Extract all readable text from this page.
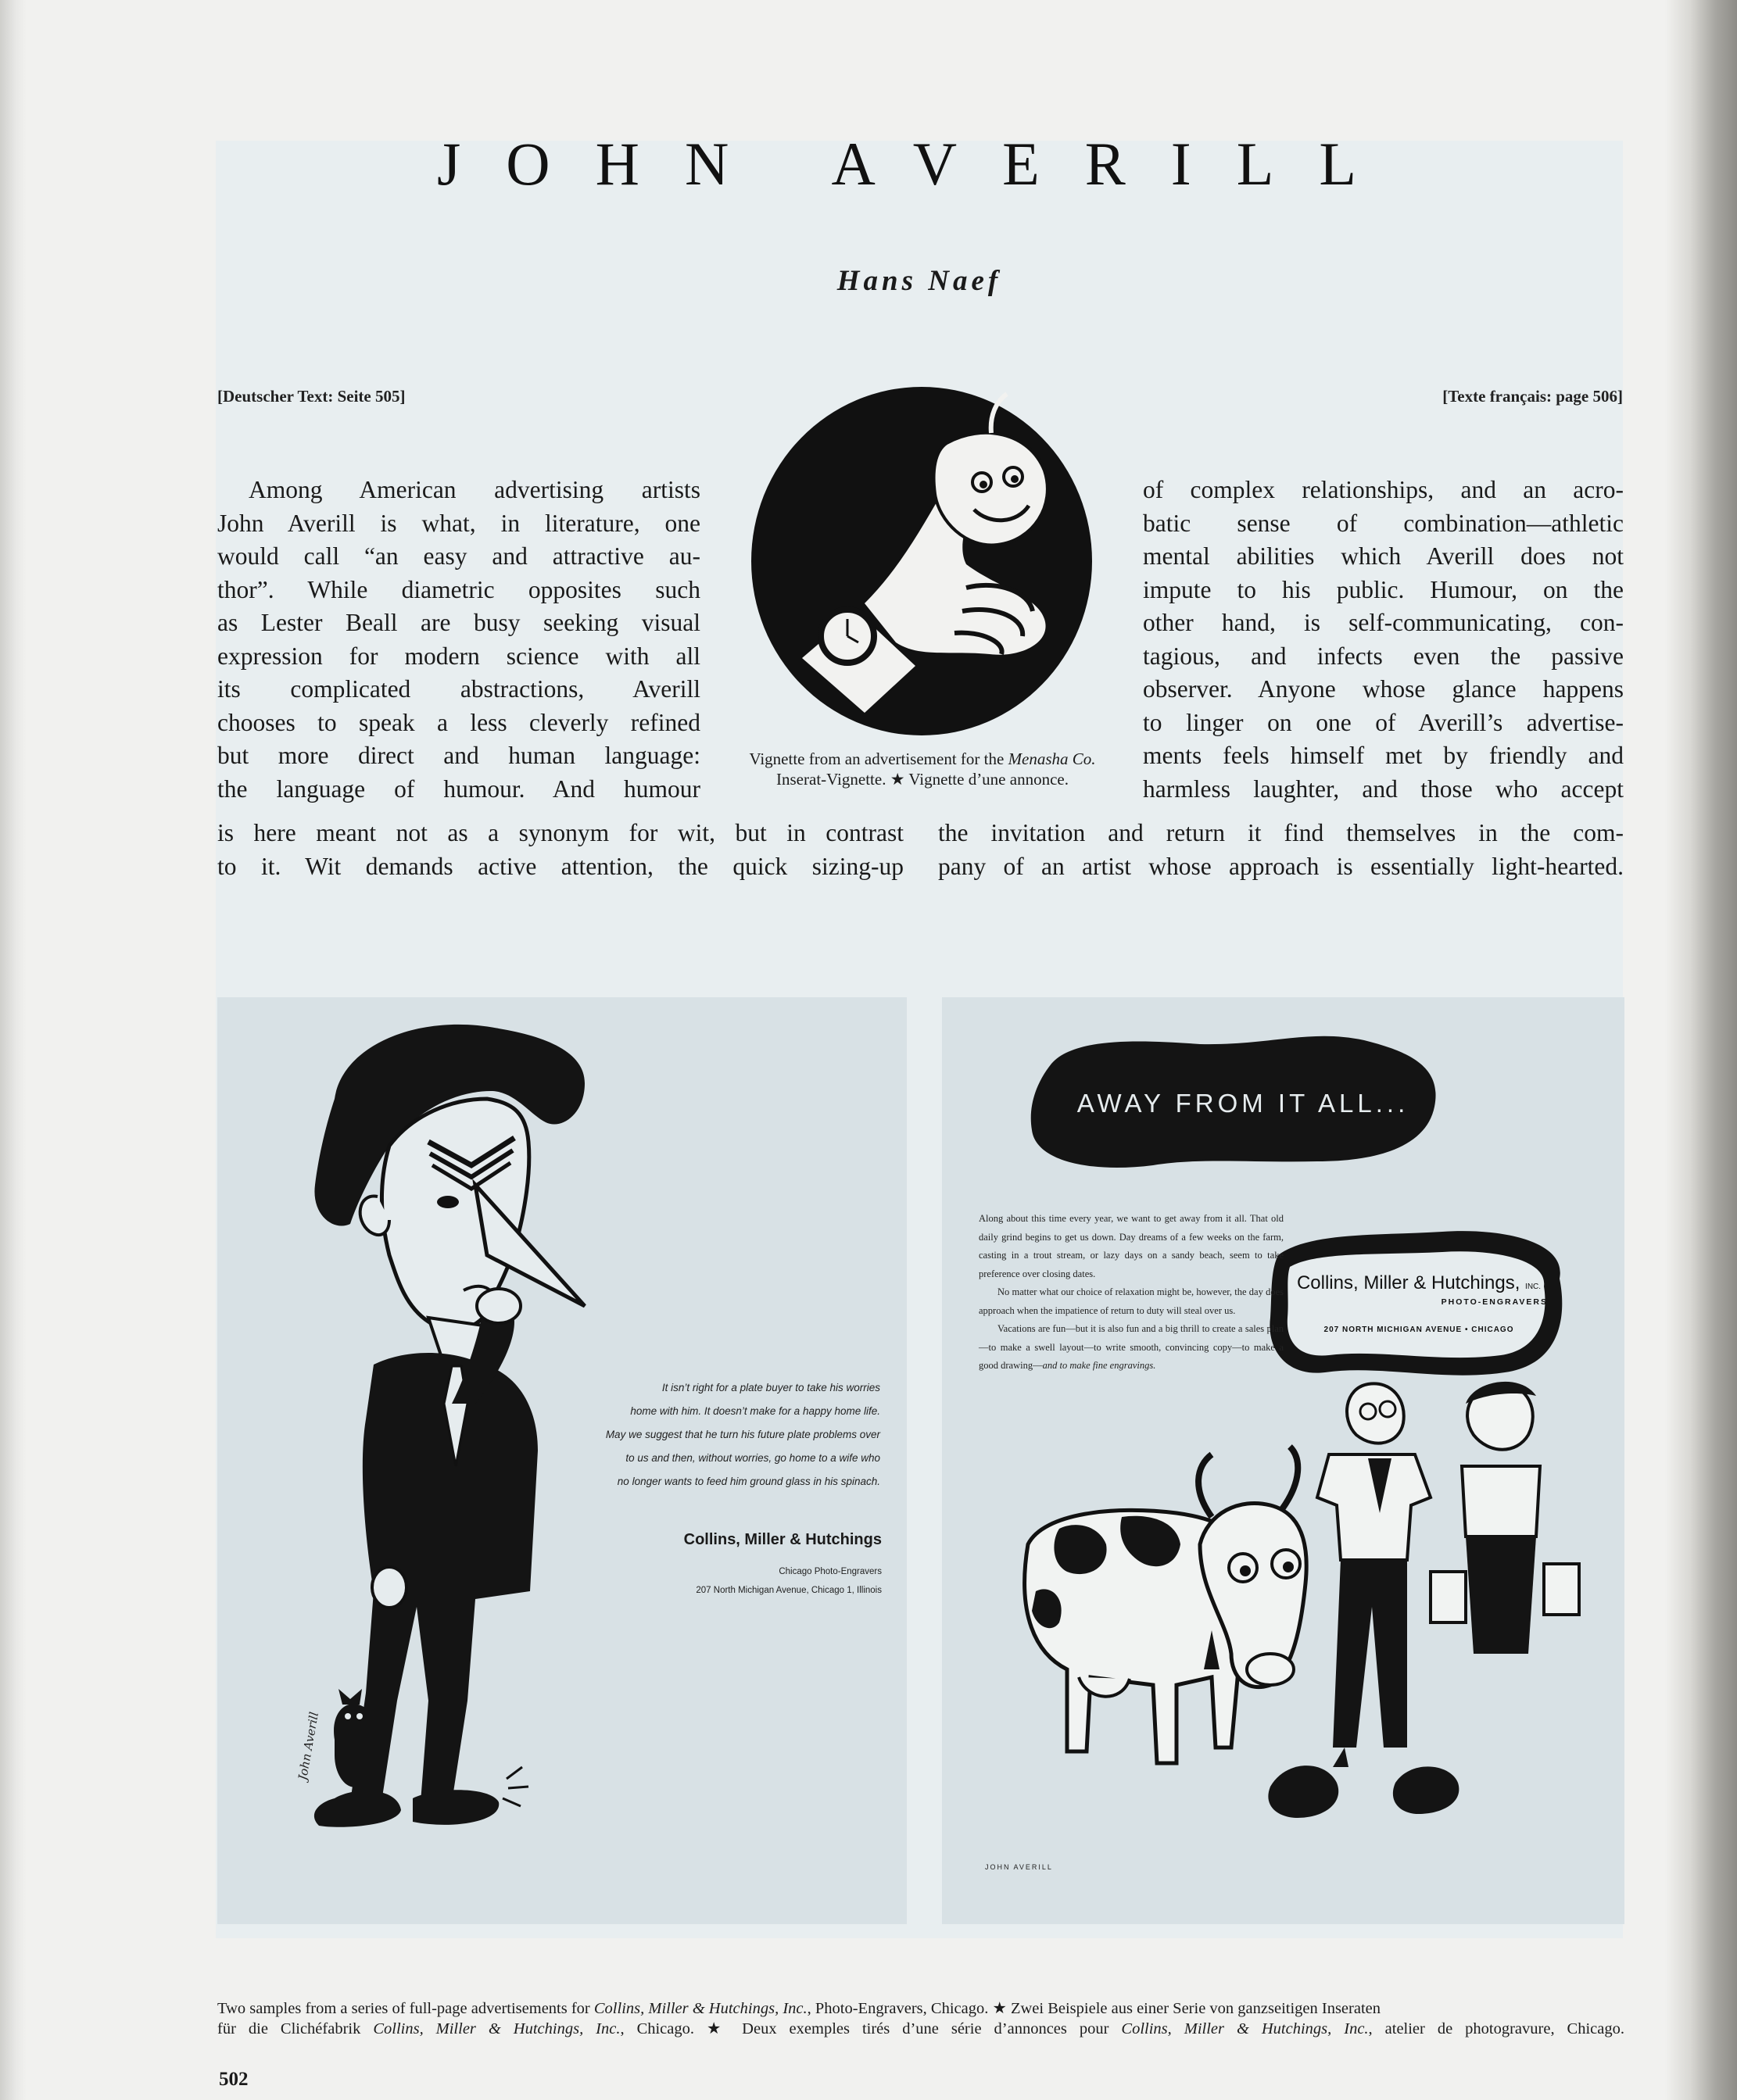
JOHN AVERILL
Hans Naef
[Deutscher Text: Seite 505]	[Texte français: page 506]

Among American advertising artists

John Averill is what, in literature, one

would call “an easy and attractive au-

thor”. While diametric opposites such

as Lester Beall are busy seeking visual

expression for modern science with all

its complicated abstractions, Averill

chooses to speak a less cleverly refined

but more direct and human language:

the language of humour. And humour

Vignette from an advertisement for the Menasha Co.
Inserat-Vignette. ★ Vignette d’une annonce.

of complex relationships, and an acro-

batic sense of combination—athletic

mental abilities which Averill does not

impute to his public. Humour, on the

other hand, is self-communicating, con-

tagious, and infects even the passive

observer. Anyone whose glance happens

to linger on one of Averill’s advertise-

ments feels himself met by friendly and

harmless laughter, and those who accept

is here meant not as a synonym for wit, but in contrast

to it. Wit demands active attention, the quick sizing-up

the invitation and return it find themselves in the com-

pany of an artist whose approach is essentially light-hearted.

It isn’t right for a plate buyer to take his worries
home with him. It doesn’t make for a happy home life.
May we suggest that he turn his future plate problems over
to us and then, without worries, go home to a wife who
no longer wants to feed him ground glass in his spinach.
Collins, Miller & Hutchings
Chicago Photo-Engravers
207 North Michigan Avenue, Chicago 1, Illinois
John Averill
AWAY FROM IT ALL...

Along about this time every year, we want to get away from it all. That old daily grind begins to get us down. Day dreams of a few weeks on the farm, casting in a trout stream, or lazy days on a sandy beach, seem to take preference over closing dates.

No matter what our choice of relaxation might be, however, the day does approach when the impatience of return to duty will steal over us.

Vacations are fun—but it is also fun and a big thrill to create a sales plan—to make a swell layout—to write smooth, convincing copy—to make a good drawing—and to make fine engravings.

Collins, Miller & Hutchings, INC.
PHOTO-ENGRAVERS
207 NORTH MICHIGAN AVENUE • CHICAGO
JOHN AVERILL
Two samples from a series of full-page advertisements for Collins, Miller & Hutchings, Inc., Photo-Engravers, Chicago. ★ Zwei Beispiele aus einer Serie von ganzseitigen Inseraten
für die Clichéfabrik Collins, Miller & Hutchings, Inc., Chicago. ★ Deux exemples tirés d’une série d’annonces pour Collins, Miller & Hutchings, Inc., atelier de photogravure, Chicago.
502
